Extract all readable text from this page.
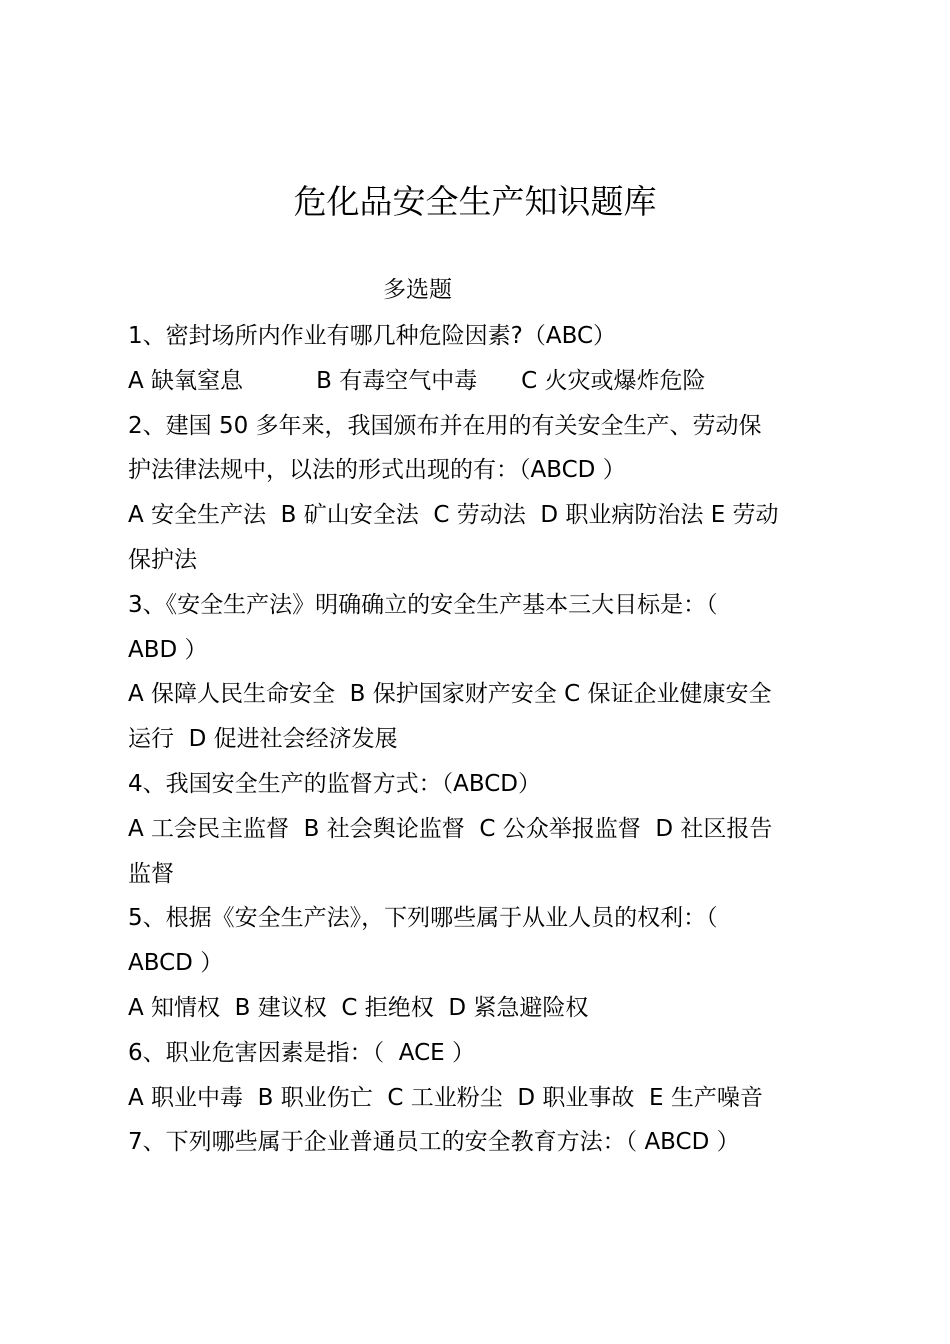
危化品安全生产知识题库
多选题
1、密封场所内作业有哪几种危险因素?（ABC）
A 缺氧窒息          B 有毒空气中毒      C 火灾或爆炸危险
2、建国 50 多年来，我国颁布并在用的有关安全生产、劳动保
护法律法规中，以法的形式出现的有：（ABCD ）
A 安全生产法  B 矿山安全法  C 劳动法  D 职业病防治法 E 劳动
保护法
3、《安全生产法》明确确立的安全生产基本三大目标是：（
ABD ）
A 保障人民生命安全  B 保护国家财产安全 C 保证企业健康安全
运行  D 促进社会经济发展
4、我国安全生产的监督方式：（ABCD）
A 工会民主监督  B 社会舆论监督  C 公众举报监督  D 社区报告
监督
5、根据《安全生产法》，下列哪些属于从业人员的权利：（
ABCD ）
A 知情权  B 建议权  C 拒绝权  D 紧急避险权
6、职业危害因素是指：（  ACE ）
A 职业中毒  B 职业伤亡  C 工业粉尘  D 职业事故  E 生产噪音
7、下列哪些属于企业普通员工的安全教育方法：（ ABCD ）
